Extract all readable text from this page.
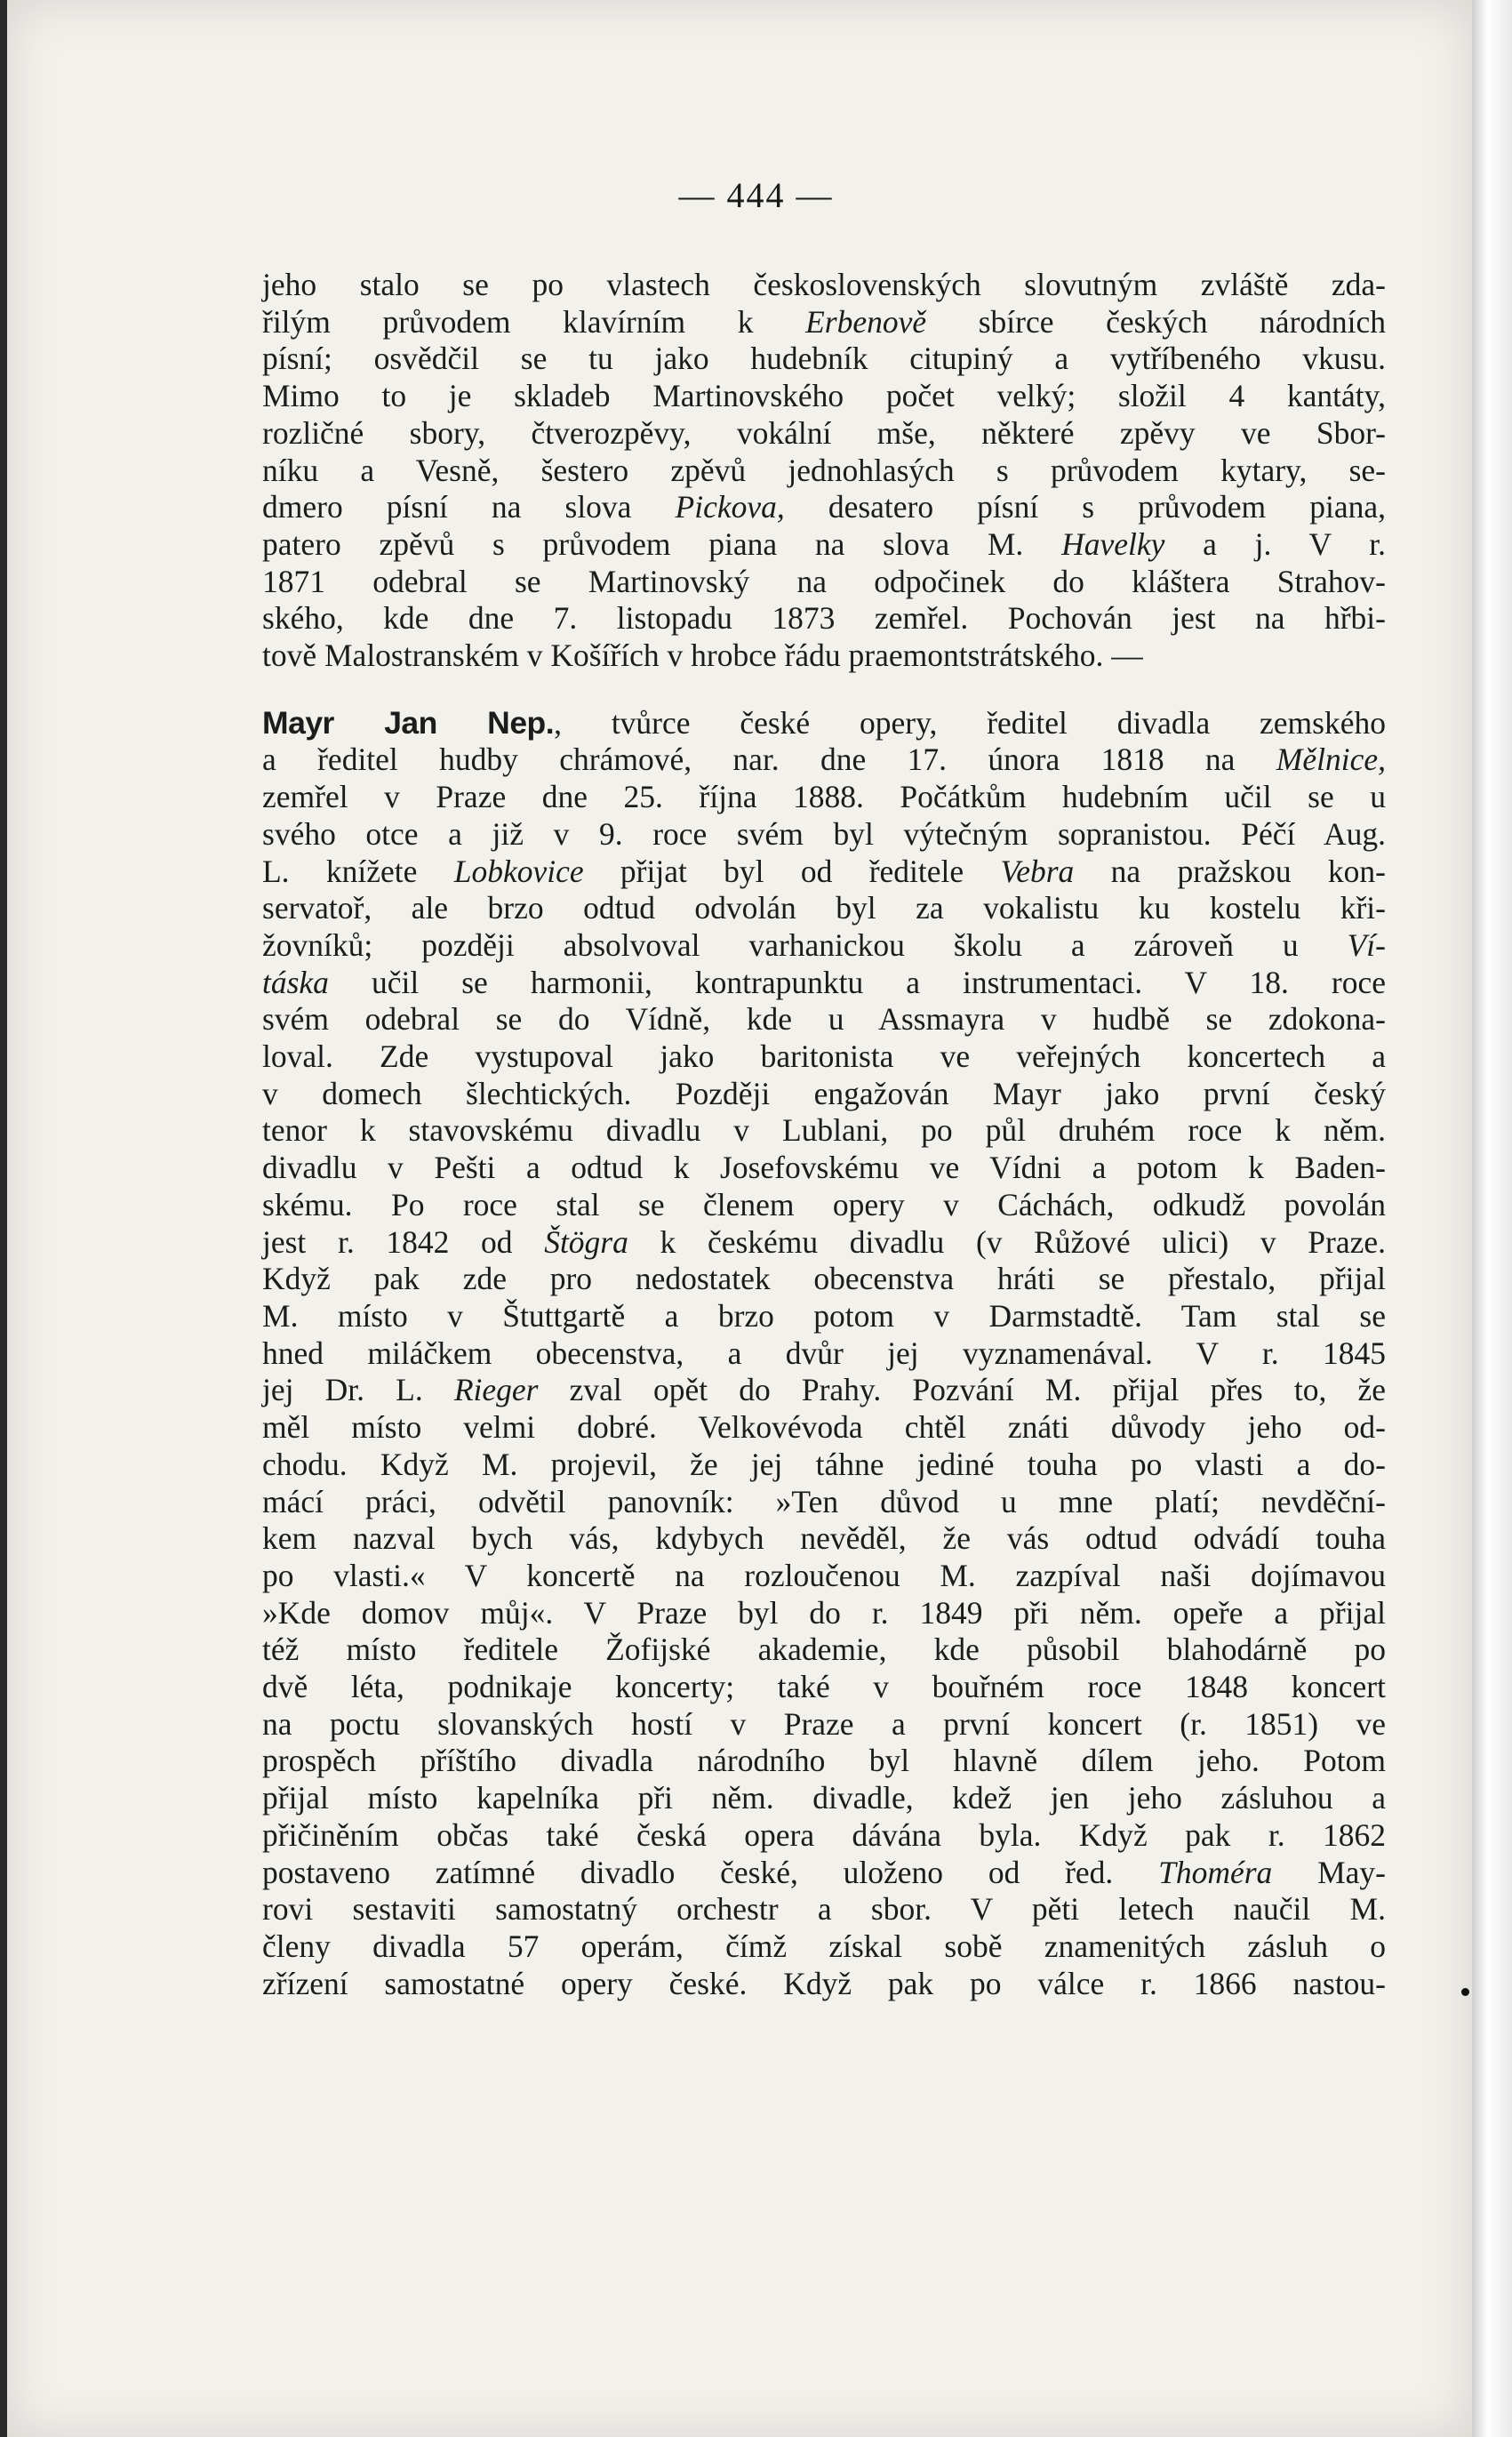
— 444 —
jeho stalo se po vlastech československých slovutným zvláště zda-
řilým průvodem klavírním k Erbenově sbírce českých národních
písní; osvědčil se tu jako hudebník citupiný a vytříbeného vkusu.
Mimo to je skladeb Martinovského počet velký; složil 4 kantáty,
rozličné sbory, čtverozpěvy, vokální mše, některé zpěvy ve Sbor-
níku a Vesně, šestero zpěvů jednohlasých s průvodem kytary, se-
dmero písní na slova Pickova, desatero písní s průvodem piana,
patero zpěvů s průvodem piana na slova M. Havelky a j. V r.
1871 odebral se Martinovský na odpočinek do kláštera Strahov-
ského, kde dne 7. listopadu 1873 zemřel. Pochován jest na hřbi-
tově Malostranském v Košířích v hrobce řádu praemontstrátského. —
Mayr Jan Nep., tvůrce české opery, ředitel divadla zemského
a ředitel hudby chrámové, nar. dne 17. února 1818 na Mělnice,
zemřel v Praze dne 25. října 1888. Počátkům hudebním učil se u
svého otce a již v 9. roce svém byl výtečným sopranistou. Péčí Aug.
L. knížete Lobkovice přijat byl od ředitele Vebra na pražskou kon-
servatoř, ale brzo odtud odvolán byl za vokalistu ku kostelu kři-
žovníků; později absolvoval varhanickou školu a zároveň u Ví-
táska učil se harmonii, kontrapunktu a instrumentaci. V 18. roce
svém odebral se do Vídně, kde u Assmayra v hudbě se zdokona-
loval. Zde vystupoval jako baritonista ve veřejných koncertech a
v domech šlechtických. Později engažován Mayr jako první český
tenor k stavovskému divadlu v Lublani, po půl druhém roce k něm.
divadlu v Pešti a odtud k Josefovskému ve Vídni a potom k Baden-
skému. Po roce stal se členem opery v Cáchách, odkudž povolán
jest r. 1842 od Štögra k českému divadlu (v Růžové ulici) v Praze.
Když pak zde pro nedostatek obecenstva hráti se přestalo, přijal
M. místo v Štuttgartě a brzo potom v Darmstadtě. Tam stal se
hned miláčkem obecenstva, a dvůr jej vyznamenával. V r. 1845
jej Dr. L. Rieger zval opět do Prahy. Pozvání M. přijal přes to, že
měl místo velmi dobré. Velkovévoda chtěl znáti důvody jeho od-
chodu. Když M. projevil, že jej táhne jediné touha po vlasti a do-
mácí práci, odvětil panovník: »Ten důvod u mne platí; nevděční-
kem nazval bych vás, kdybych nevěděl, že vás odtud odvádí touha
po vlasti.« V koncertě na rozloučenou M. zazpíval naši dojímavou
»Kde domov můj«. V Praze byl do r. 1849 při něm. opeře a přijal
též místo ředitele Žofijské akademie, kde působil blahodárně po
dvě léta, podnikaje koncerty; také v bouřném roce 1848 koncert
na poctu slovanských hostí v Praze a první koncert (r. 1851) ve
prospěch příštího divadla národního byl hlavně dílem jeho. Potom
přijal místo kapelníka při něm. divadle, kdež jen jeho zásluhou a
přičiněním občas také česká opera dávána byla. Když pak r. 1862
postaveno zatímné divadlo české, uloženo od řed. Thoméra May-
rovi sestaviti samostatný orchestr a sbor. V pěti letech naučil M.
členy divadla 57 operám, čímž získal sobě znamenitých zásluh o
zřízení samostatné opery české. Když pak po válce r. 1866 nastou-
